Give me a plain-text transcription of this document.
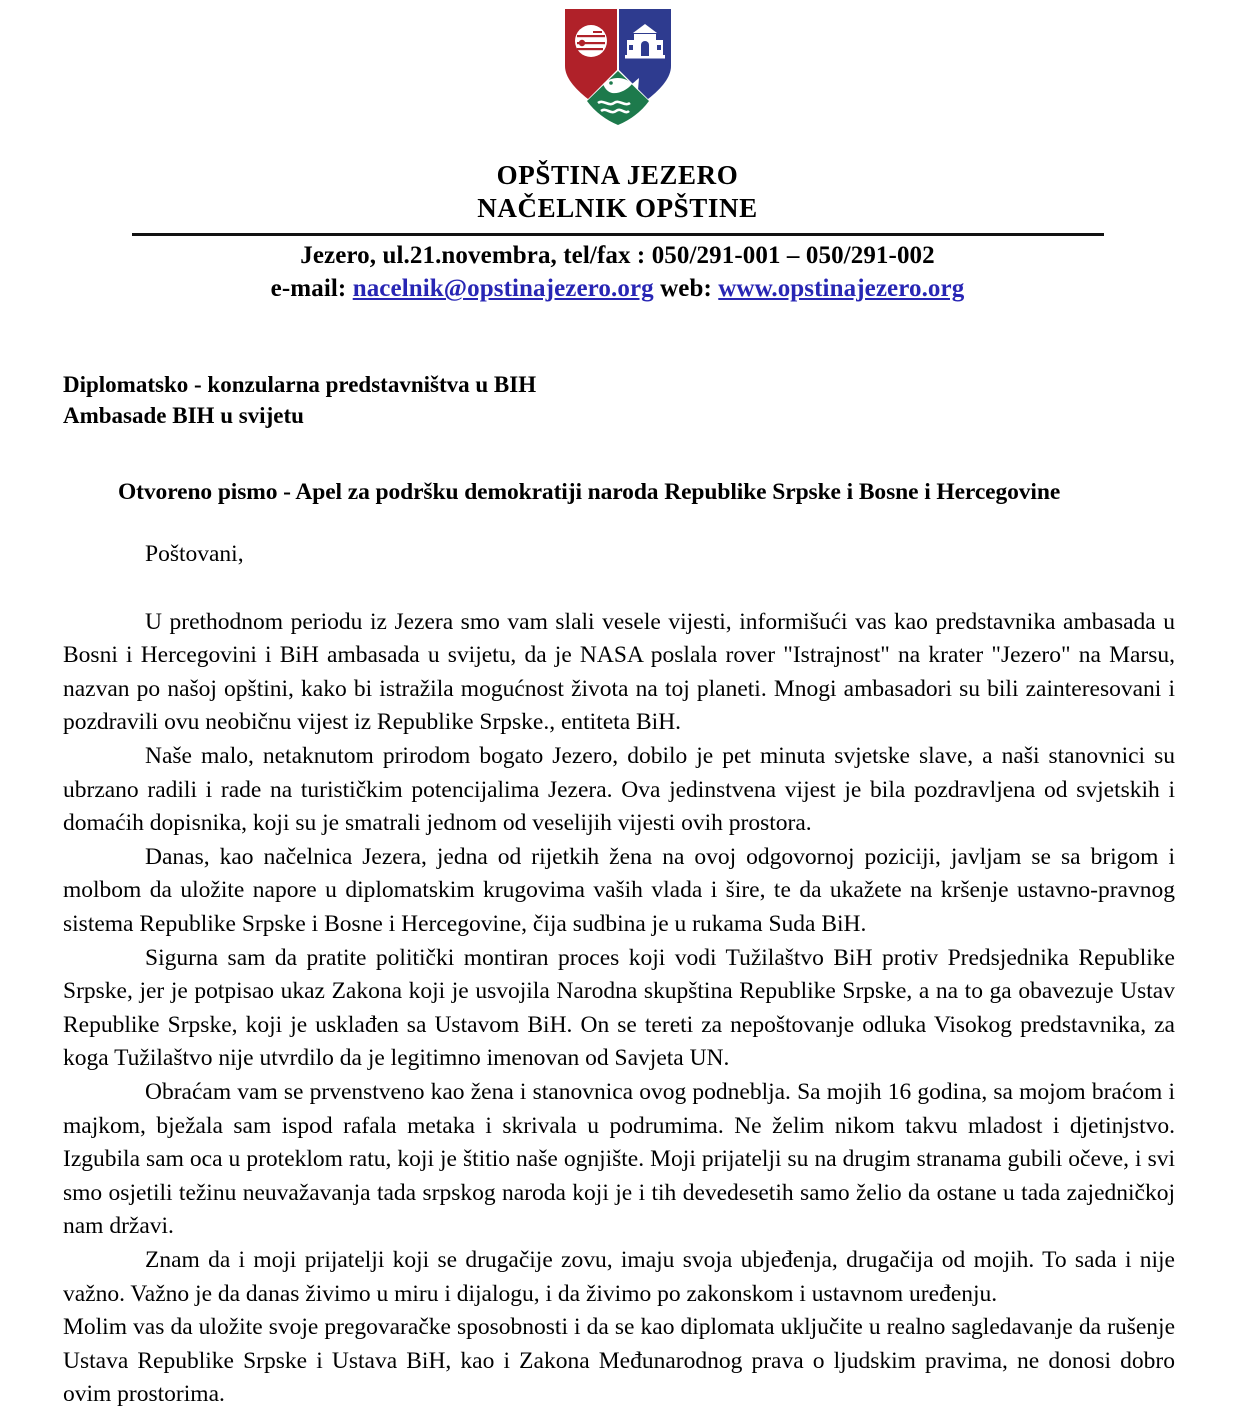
OPŠTINA JEZERO
NAČELNIK OPŠTINE
Jezero, ul.21.novembra, tel/fax : 050/291-001 – 050/291-002
e-mail: nacelnik@opstinajezero.org web: www.opstinajezero.org
Diplomatsko - konzularna predstavništva u BIH
Ambasade BIH u svijetu
Otvoreno pismo - Apel za podršku demokratiji naroda Republike Srpske i Bosne i Hercegovine
Poštovani,

U prethodnom periodu iz Jezera smo vam slali vesele vijesti, informišući vas kao predstavnika ambasada u Bosni i Hercegovini i BiH ambasada u svijetu, da je NASA poslala rover "Istrajnost" na krater "Jezero" na Marsu, nazvan po našoj opštini, kako bi istražila mogućnost života na toj planeti. Mnogi ambasadori su bili zainteresovani i pozdravili ovu neobičnu vijest iz Republike Srpske., entiteta BiH.

Naše malo, netaknutom prirodom bogato Jezero, dobilo je pet minuta svjetske slave, a naši stanovnici su ubrzano radili i rade na turističkim potencijalima Jezera. Ova jedinstvena vijest je bila pozdravljena od svjetskih i domaćih dopisnika, koji su je smatrali jednom od veselijih vijesti ovih prostora.

Danas, kao načelnica Jezera, jedna od rijetkih žena na ovoj odgovornoj poziciji, javljam se sa brigom i molbom da uložite napore u diplomatskim krugovima vaših vlada i šire, te da ukažete na kršenje ustavno-pravnog sistema Republike Srpske i Bosne i Hercegovine, čija sudbina je u rukama Suda BiH.

Sigurna sam da pratite politički montiran proces koji vodi Tužilaštvo BiH protiv Predsjednika Republike Srpske, jer je potpisao ukaz Zakona koji je usvojila Narodna skupština Republike Srpske, a na to ga obavezuje Ustav Republike Srpske, koji je usklađen sa Ustavom BiH. On se tereti za nepoštovanje odluka Visokog predstavnika, za koga Tužilaštvo nije utvrdilo da je legitimno imenovan od Savjeta UN.

Obraćam vam se prvenstveno kao žena i stanovnica ovog podneblja. Sa mojih 16 godina, sa mojom braćom i majkom, bježala sam ispod rafala metaka i skrivala u podrumima. Ne želim nikom takvu mladost i djetinjstvo. Izgubila sam oca u proteklom ratu, koji je štitio naše ognjište. Moji prijatelji su na drugim stranama gubili očeve, i svi smo osjetili težinu neuvažavanja tada srpskog naroda koji je i tih devedesetih samo želio da ostane u tada zajedničkoj nam državi.

Znam da i moji prijatelji koji se drugačije zovu, imaju svoja ubjeđenja, drugačija od mojih. To sada i nije važno. Važno je da danas živimo u miru i dijalogu, i da živimo po zakonskom i ustavnom uređenju.

Molim vas da uložite svoje pregovaračke sposobnosti i da se kao diplomata uključite u realno sagledavanje da rušenje Ustava Republike Srpske i Ustava BiH, kao i Zakona Međunarodnog prava o ljudskim pravima, ne donosi dobro ovim prostorima.
